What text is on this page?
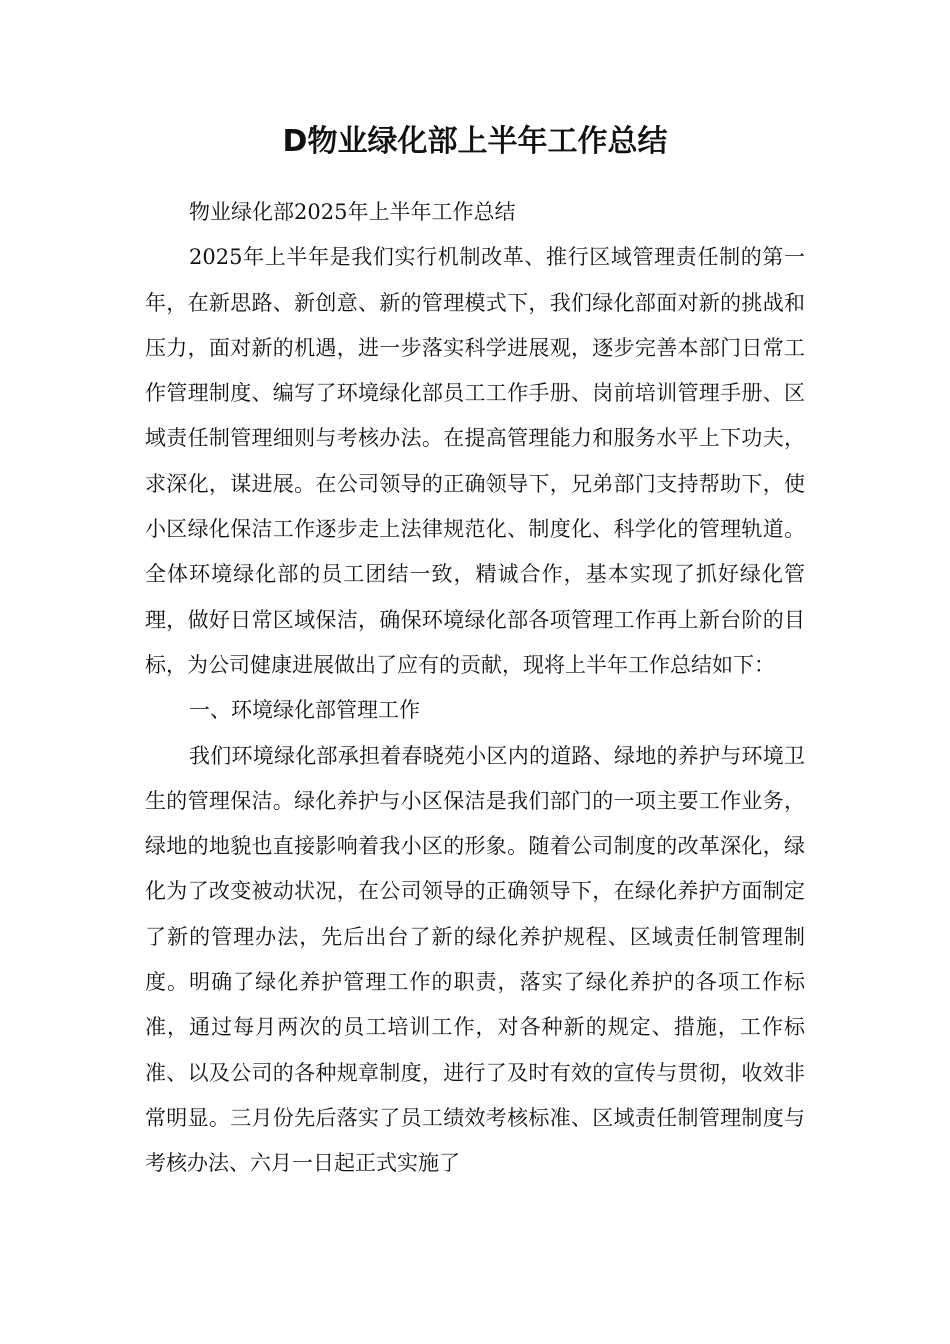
D物业绿化部上半年工作总结

物业绿化部2025年上半年工作总结

2025年上半年是我们实行机制改革、推行区域管理责任制的第一年，在新思路、新创意、新的管理模式下，我们绿化部面对新的挑战和压力，面对新的机遇，进一步落实科学进展观，逐步完善本部门日常工作管理制度、编写了环境绿化部员工工作手册、岗前培训管理手册、区域责任制管理细则与考核办法。在提高管理能力和服务水平上下功夫，求深化，谋进展。在公司领导的正确领导下，兄弟部门支持帮助下，使小区绿化保洁工作逐步走上法律规范化、制度化、科学化的管理轨道。全体环境绿化部的员工团结一致，精诚合作，基本实现了抓好绿化管理，做好日常区域保洁，确保环境绿化部各项管理工作再上新台阶的目标，为公司健康进展做出了应有的贡献，现将上半年工作总结如下：

一、环境绿化部管理工作

我们环境绿化部承担着春晓苑小区内的道路、绿地的养护与环境卫生的管理保洁。绿化养护与小区保洁是我们部门的一项主要工作业务，绿地的地貌也直接影响着我小区的形象。随着公司制度的改革深化，绿化为了改变被动状况，在公司领导的正确领导下，在绿化养护方面制定了新的管理办法，先后出台了新的绿化养护规程、区域责任制管理制度。明确了绿化养护管理工作的职责，落实了绿化养护的各项工作标准，通过每月两次的员工培训工作，对各种新的规定、措施，工作标准、以及公司的各种规章制度，进行了及时有效的宣传与贯彻，收效非常明显。三月份先后落实了员工绩效考核标准、区域责任制管理制度与考核办法、六月一日起正式实施了
